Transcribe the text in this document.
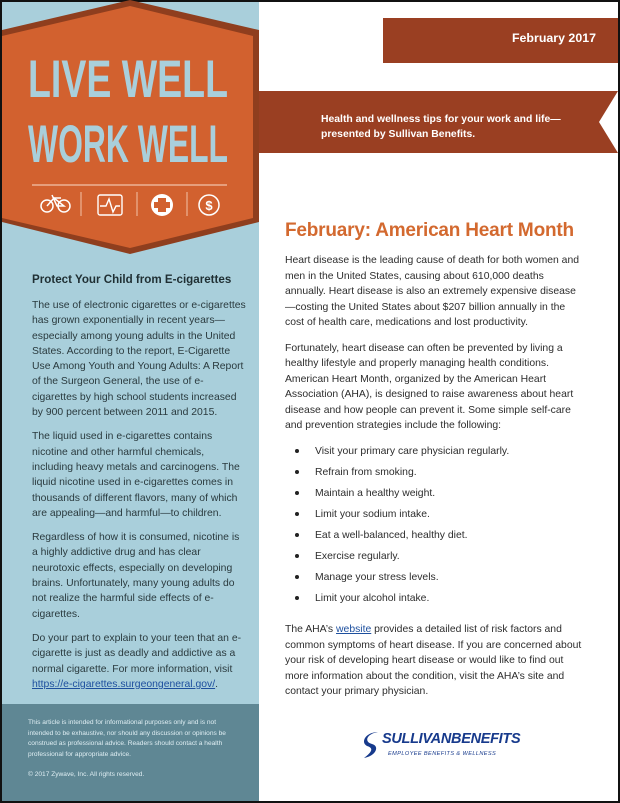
LIVE WELL
WORK WELL
$
Protect Your Child from E-cigarettes

The use of electronic cigarettes or e-cigarettes has grown exponentially in recent years—especially among young adults in the United States. According to the report, E-Cigarette Use Among Youth and Young Adults: A Report of the Surgeon General, the use of e-cigarettes by high school students increased by 900 percent between 2011 and 2015.

The liquid used in e-cigarettes contains nicotine and other harmful chemicals, including heavy metals and carcinogens. The liquid nicotine used in e-cigarettes comes in thousands of different flavors, many of which are appealing—and harmful—to children.

Regardless of how it is consumed, nicotine is a highly addictive drug and has clear neurotoxic effects, especially on developing brains. Unfortunately, many young adults do not realize the harmful side effects of e-cigarettes.

Do your part to explain to your teen that an e-cigarette is just as deadly and addictive as a normal cigarette. For more information, visit https://e-cigarettes.surgeongeneral.gov/.

This article is intended for informational purposes only and is not intended to be exhaustive, nor should any discussion or opinions be construed as professional advice. Readers should contact a health professional for appropriate advice.
© 2017 Zywave, Inc. All rights reserved.
February 2017
Health and wellness tips for your work and life—presented by Sullivan Benefits.
February: American Heart Month

Heart disease is the leading cause of death for both women and men in the United States, causing about 610,000 deaths annually. Heart disease is also an extremely expensive disease—costing the United States about $207 billion annually in the cost of health care, medications and lost productivity.

Fortunately, heart disease can often be prevented by living a healthy lifestyle and properly managing health conditions. American Heart Month, organized by the American Heart Association (AHA), is designed to raise awareness about heart disease and how people can prevent it. Some simple self-care and prevention strategies include the following:

Visit your primary care physician regularly.
Refrain from smoking.
Maintain a healthy weight.
Limit your sodium intake.
Eat a well-balanced, healthy diet.
Exercise regularly.
Manage your stress levels.
Limit your alcohol intake.

The AHA’s website provides a detailed list of risk factors and common symptoms of heart disease. If you are concerned about your risk of developing heart disease or would like to find out more information about the condition, visit the AHA’s site and contact your primary physician.

SULLIVANBENEFITS
EMPLOYEE BENEFITS & WELLNESS
